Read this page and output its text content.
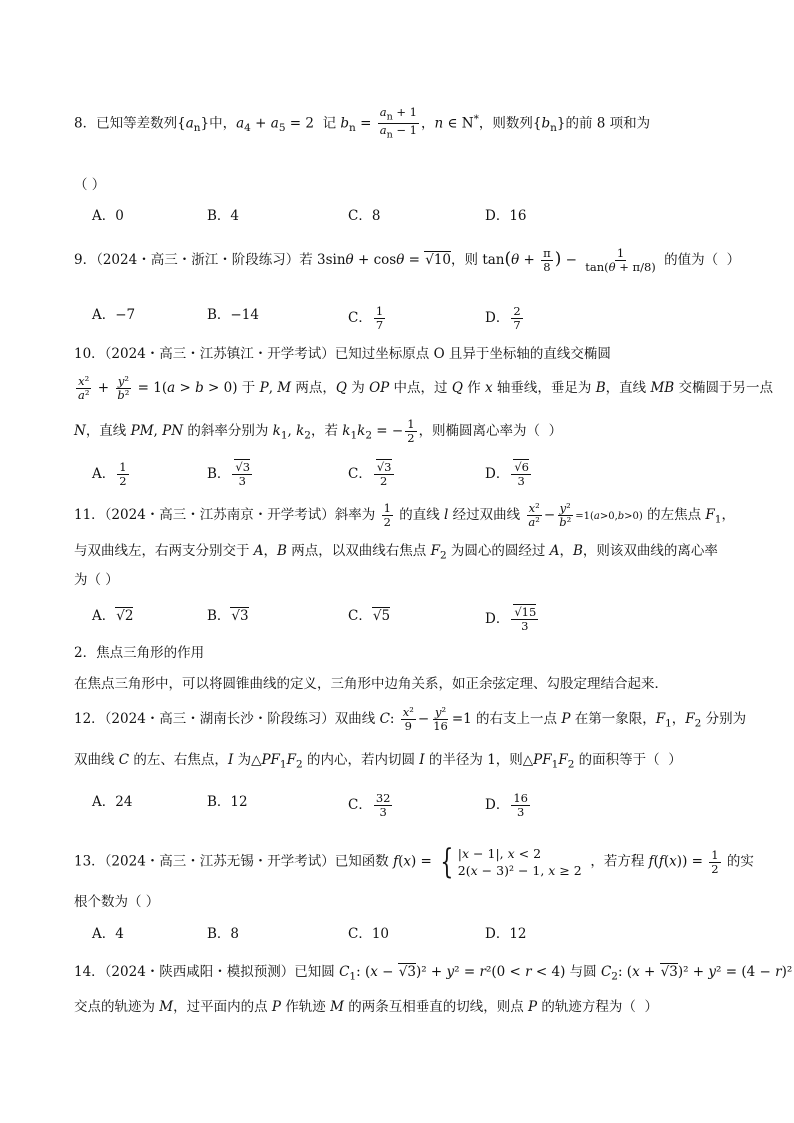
8．已知等差数列$\{a_n\}$中，$a_4 + a_5 = 2$  记 $b_n = \frac{a_n + 1}{a_n - 1}$ ，n ∈ N*，则数列$\{b_n\}$的前 8 项和为
（ ）
A．0	B．4	C．8	D．16
9．（2024・高三・浙江・阶段练习）若 3sinθ + cosθ = √10，则 $\tan(\theta + \frac{\pi}{8}$ ) − $\frac{1}{\tan(\theta + \pi/8)}$ 的值为（  ）
A．−7	B．−14	C． $\frac{1}{7}$	D． $\frac{2}{7}$
10．（2024・高三・江苏镇江・开学考试）已知过坐标原点 O 且异于坐标轴的直线交椭圆
$\frac{\text{x²}}{\text{a²}} + \frac{\text{y²}}{\text{b²}} = 1(a > b > 0)$ 于 P, M 两点，Q 为 OP 中点，过 Q 作 x 轴垂线，垂足为 B，直线 MB 交椭圆于另一点
N，直线 PM, PN 的斜率分别为 $k_1$, $k_2$，若 $k_1k_2$ = − $\frac{1}{2}$ ，则椭圆离心率为（  ）
A． $\frac{1}{2}$	B． $\frac{√3}{3}$	C． $\frac{√3}{2}$	D． $\frac{√6}{3}$
11．（2024・高三・江苏南京・开学考试）斜率为 $\frac{1}{2}$ 的直线 l 经过双曲线 $\frac{\text{x²}}{\text{a²}} - \frac{\text{y²}}{\text{b²}} =1(a>0,b>0)$ 的左焦点 $F_1$，
与双曲线左，右两支分别交于 A，B 两点，以双曲线右焦点 $F_2$ 为圆心的圆经过 A，B，则该双曲线的离心率
为（ ）
A．√2	B．√3	C．√5	D． $\frac{√15}{3}$
2．焦点三角形的作用
在焦点三角形中，可以将圆锥曲线的定义，三角形中边角关系，如正余弦定理、勾股定理结合起来．
12．（2024・高三・湖南长沙・阶段练习）双曲线 C: $\frac{\text{x²}}{9} - \frac{\text{y²}}{16} =1$ 的右支上一点 P 在第一象限，$F_1$，$F_2$ 分别为
双曲线 C 的左、右焦点，I 为$\triangle PF_1F_2$ 的内心，若内切圆 I 的半径为 1，则$\triangle PF_1F_2$ 的面积等于（  ）
A．24	B．12	C． $\frac{32}{3}$	D． $\frac{16}{3}$
13．（2024・高三・江苏无锡・开学考试）已知函数 f(x) = { |x − 1|, x < 2
2(x − 3)² − 1, x ≥ 2
，若方程 $f(f(x)) = \frac{1}{2}$ 的实
根个数为（ ）
A．4	B．8	C．10	D．12
14．（2024・陕西咸阳・模拟预测）已知圆 $C_1$: (x − √3)² + y² = r²(0 < r < 4) 与圆 $C_2$: (x + √3)² + y² = (4 − r)²
交点的轨迹为 M，过平面内的点 P 作轨迹 M 的两条互相垂直的切线，则点 P 的轨迹方程为（  ）
